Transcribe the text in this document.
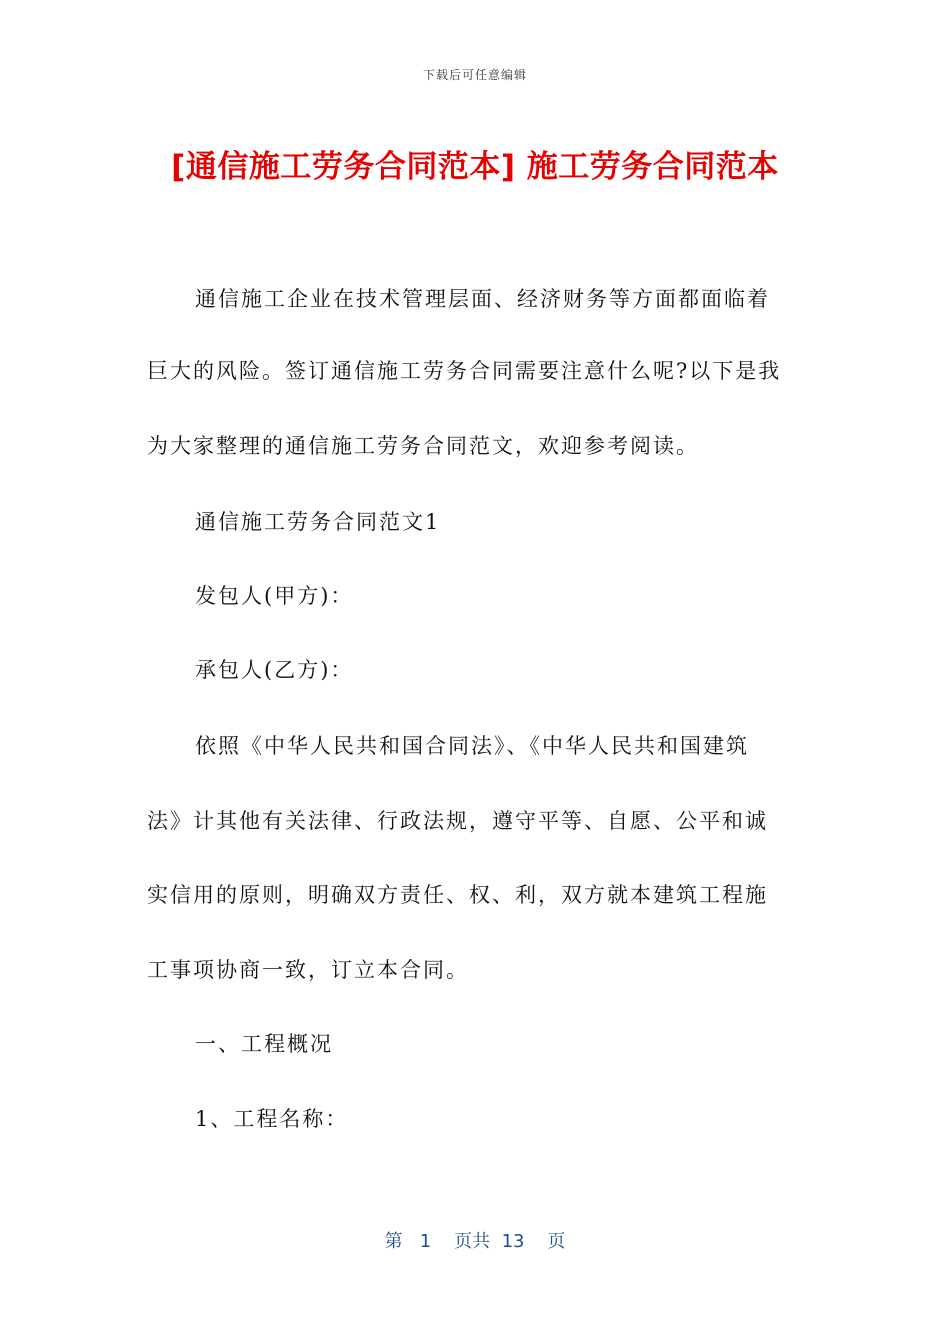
下载后可任意编辑
[通信施工劳务合同范本] 施工劳务合同范本
通信施工企业在技术管理层面、经济财务等方面都面临着
巨大的风险。签订通信施工劳务合同需要注意什么呢?以下是我
为大家整理的通信施工劳务合同范文，欢迎参考阅读。
通信施工劳务合同范文1
发包人(甲方)：
承包人(乙方)：
依照《中华人民共和国合同法》、《中华人民共和国建筑
法》计其他有关法律、行政法规，遵守平等、自愿、公平和诚
实信用的原则，明确双方责任、权、利，双方就本建筑工程施
工事项协商一致，订立本合同。
一、工程概况
1、工程名称：
第 1 页共 13 页
